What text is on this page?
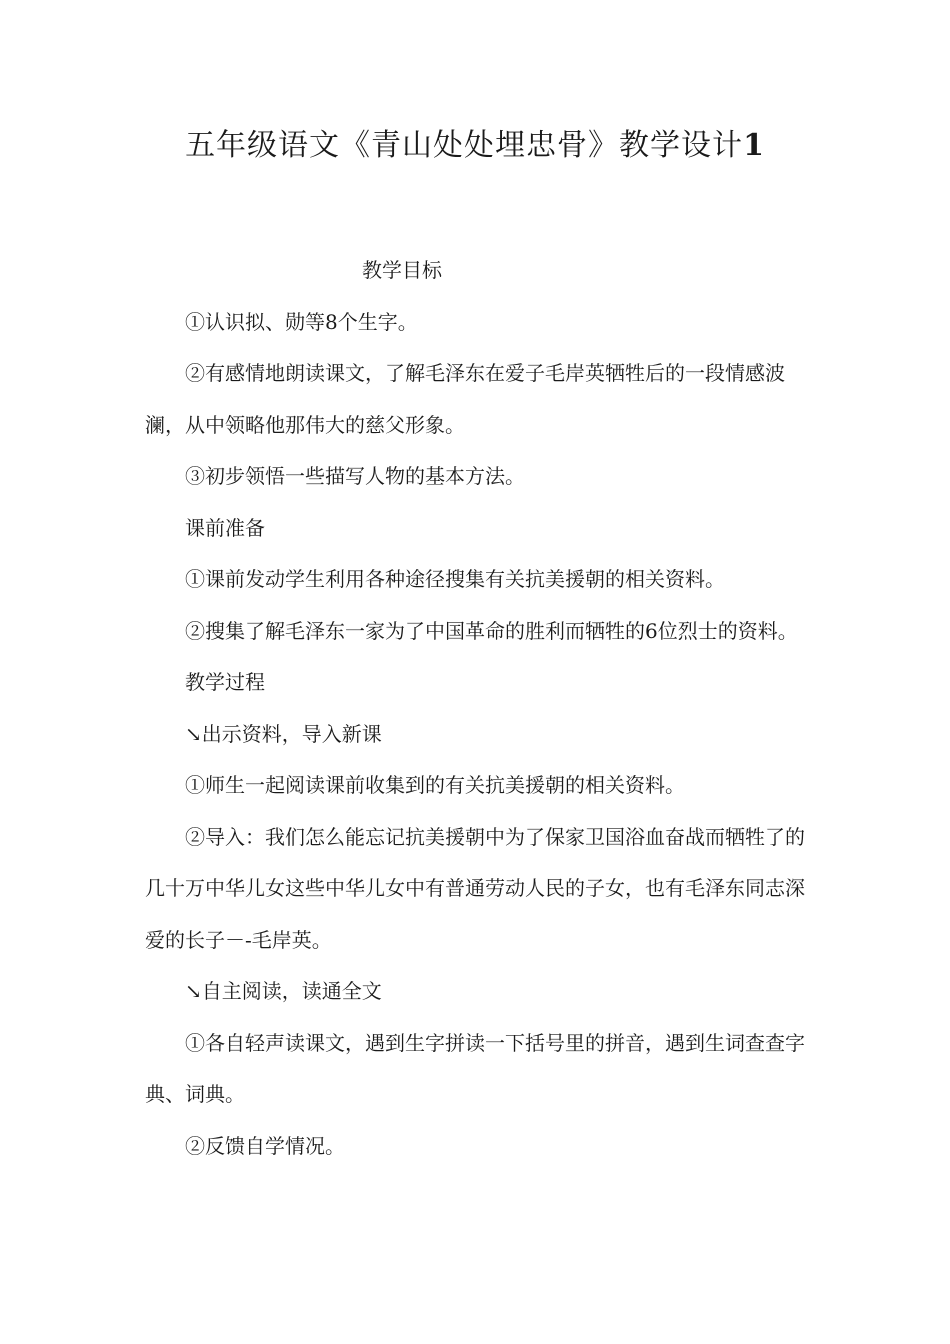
五年级语文《青山处处埋忠骨》教学设计1

教学目标

①认识拟、勋等8个生字。

②有感情地朗读课文，了解毛泽东在爱子毛岸英牺牲后的一段情感波澜，从中领略他那伟大的慈父形象。

③初步领悟一些描写人物的基本方法。

课前准备

①课前发动学生利用各种途径搜集有关抗美援朝的相关资料。

②搜集了解毛泽东一家为了中国革命的胜利而牺牲的6位烈士的资料。

教学过程

↘出示资料，导入新课

①师生一起阅读课前收集到的有关抗美援朝的相关资料。

②导入：我们怎么能忘记抗美援朝中为了保家卫国浴血奋战而牺牲了的几十万中华儿女这些中华儿女中有普通劳动人民的子女，也有毛泽东同志深爱的长子－-毛岸英。

↘自主阅读，读通全文

①各自轻声读课文，遇到生字拼读一下括号里的拼音，遇到生词查查字典、词典。

②反馈自学情况。
